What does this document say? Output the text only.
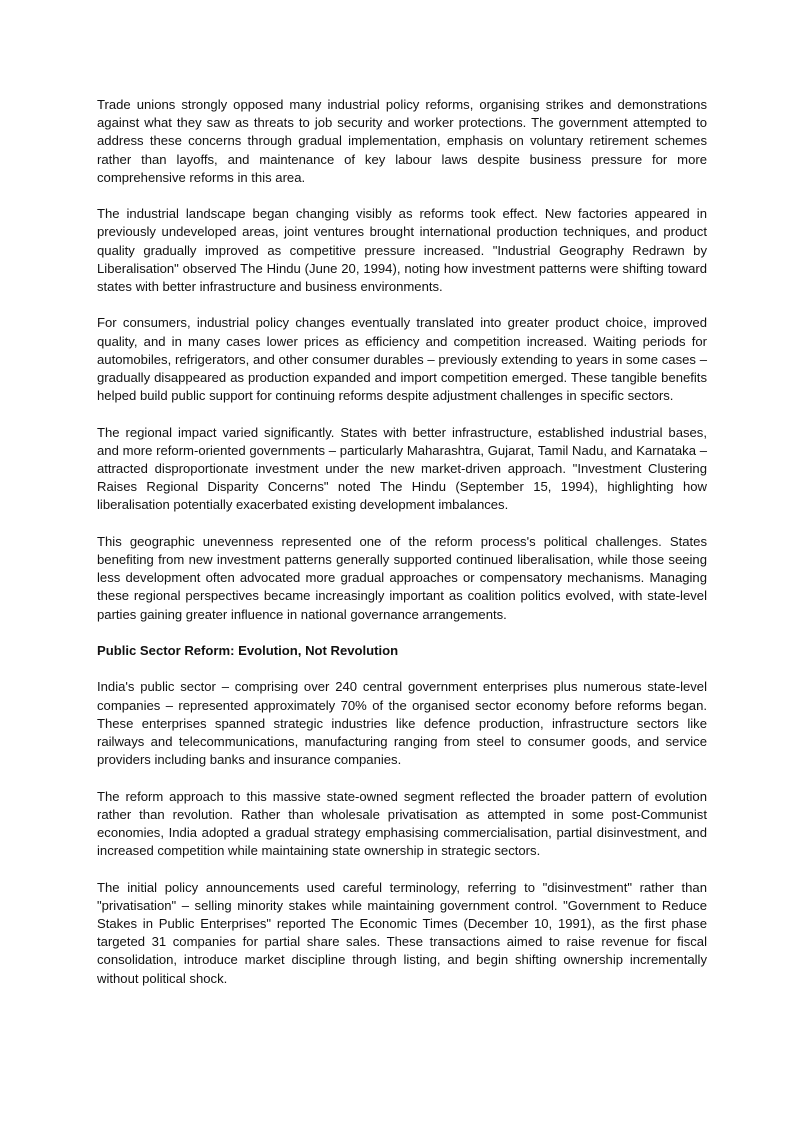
Trade unions strongly opposed many industrial policy reforms, organising strikes and demonstrations against what they saw as threats to job security and worker protections. The government attempted to address these concerns through gradual implementation, emphasis on voluntary retirement schemes rather than layoffs, and maintenance of key labour laws despite business pressure for more comprehensive reforms in this area.

The industrial landscape began changing visibly as reforms took effect. New factories appeared in previously undeveloped areas, joint ventures brought international production techniques, and product quality gradually improved as competitive pressure increased. "Industrial Geography Redrawn by Liberalisation" observed The Hindu (June 20, 1994), noting how investment patterns were shifting toward states with better infrastructure and business environments.

For consumers, industrial policy changes eventually translated into greater product choice, improved quality, and in many cases lower prices as efficiency and competition increased. Waiting periods for automobiles, refrigerators, and other consumer durables – previously extending to years in some cases – gradually disappeared as production expanded and import competition emerged. These tangible benefits helped build public support for continuing reforms despite adjustment challenges in specific sectors.

The regional impact varied significantly. States with better infrastructure, established industrial bases, and more reform-oriented governments – particularly Maharashtra, Gujarat, Tamil Nadu, and Karnataka – attracted disproportionate investment under the new market-driven approach. "Investment Clustering Raises Regional Disparity Concerns" noted The Hindu (September 15, 1994), highlighting how liberalisation potentially exacerbated existing development imbalances.

This geographic unevenness represented one of the reform process's political challenges. States benefiting from new investment patterns generally supported continued liberalisation, while those seeing less development often advocated more gradual approaches or compensatory mechanisms. Managing these regional perspectives became increasingly important as coalition politics evolved, with state-level parties gaining greater influence in national governance arrangements.

Public Sector Reform: Evolution, Not Revolution

India's public sector – comprising over 240 central government enterprises plus numerous state-level companies – represented approximately 70% of the organised sector economy before reforms began. These enterprises spanned strategic industries like defence production, infrastructure sectors like railways and telecommunications, manufacturing ranging from steel to consumer goods, and service providers including banks and insurance companies.

The reform approach to this massive state-owned segment reflected the broader pattern of evolution rather than revolution. Rather than wholesale privatisation as attempted in some post-Communist economies, India adopted a gradual strategy emphasising commercialisation, partial disinvestment, and increased competition while maintaining state ownership in strategic sectors.

The initial policy announcements used careful terminology, referring to "disinvestment" rather than "privatisation" – selling minority stakes while maintaining government control. "Government to Reduce Stakes in Public Enterprises" reported The Economic Times (December 10, 1991), as the first phase targeted 31 companies for partial share sales. These transactions aimed to raise revenue for fiscal consolidation, introduce market discipline through listing, and begin shifting ownership incrementally without political shock.
